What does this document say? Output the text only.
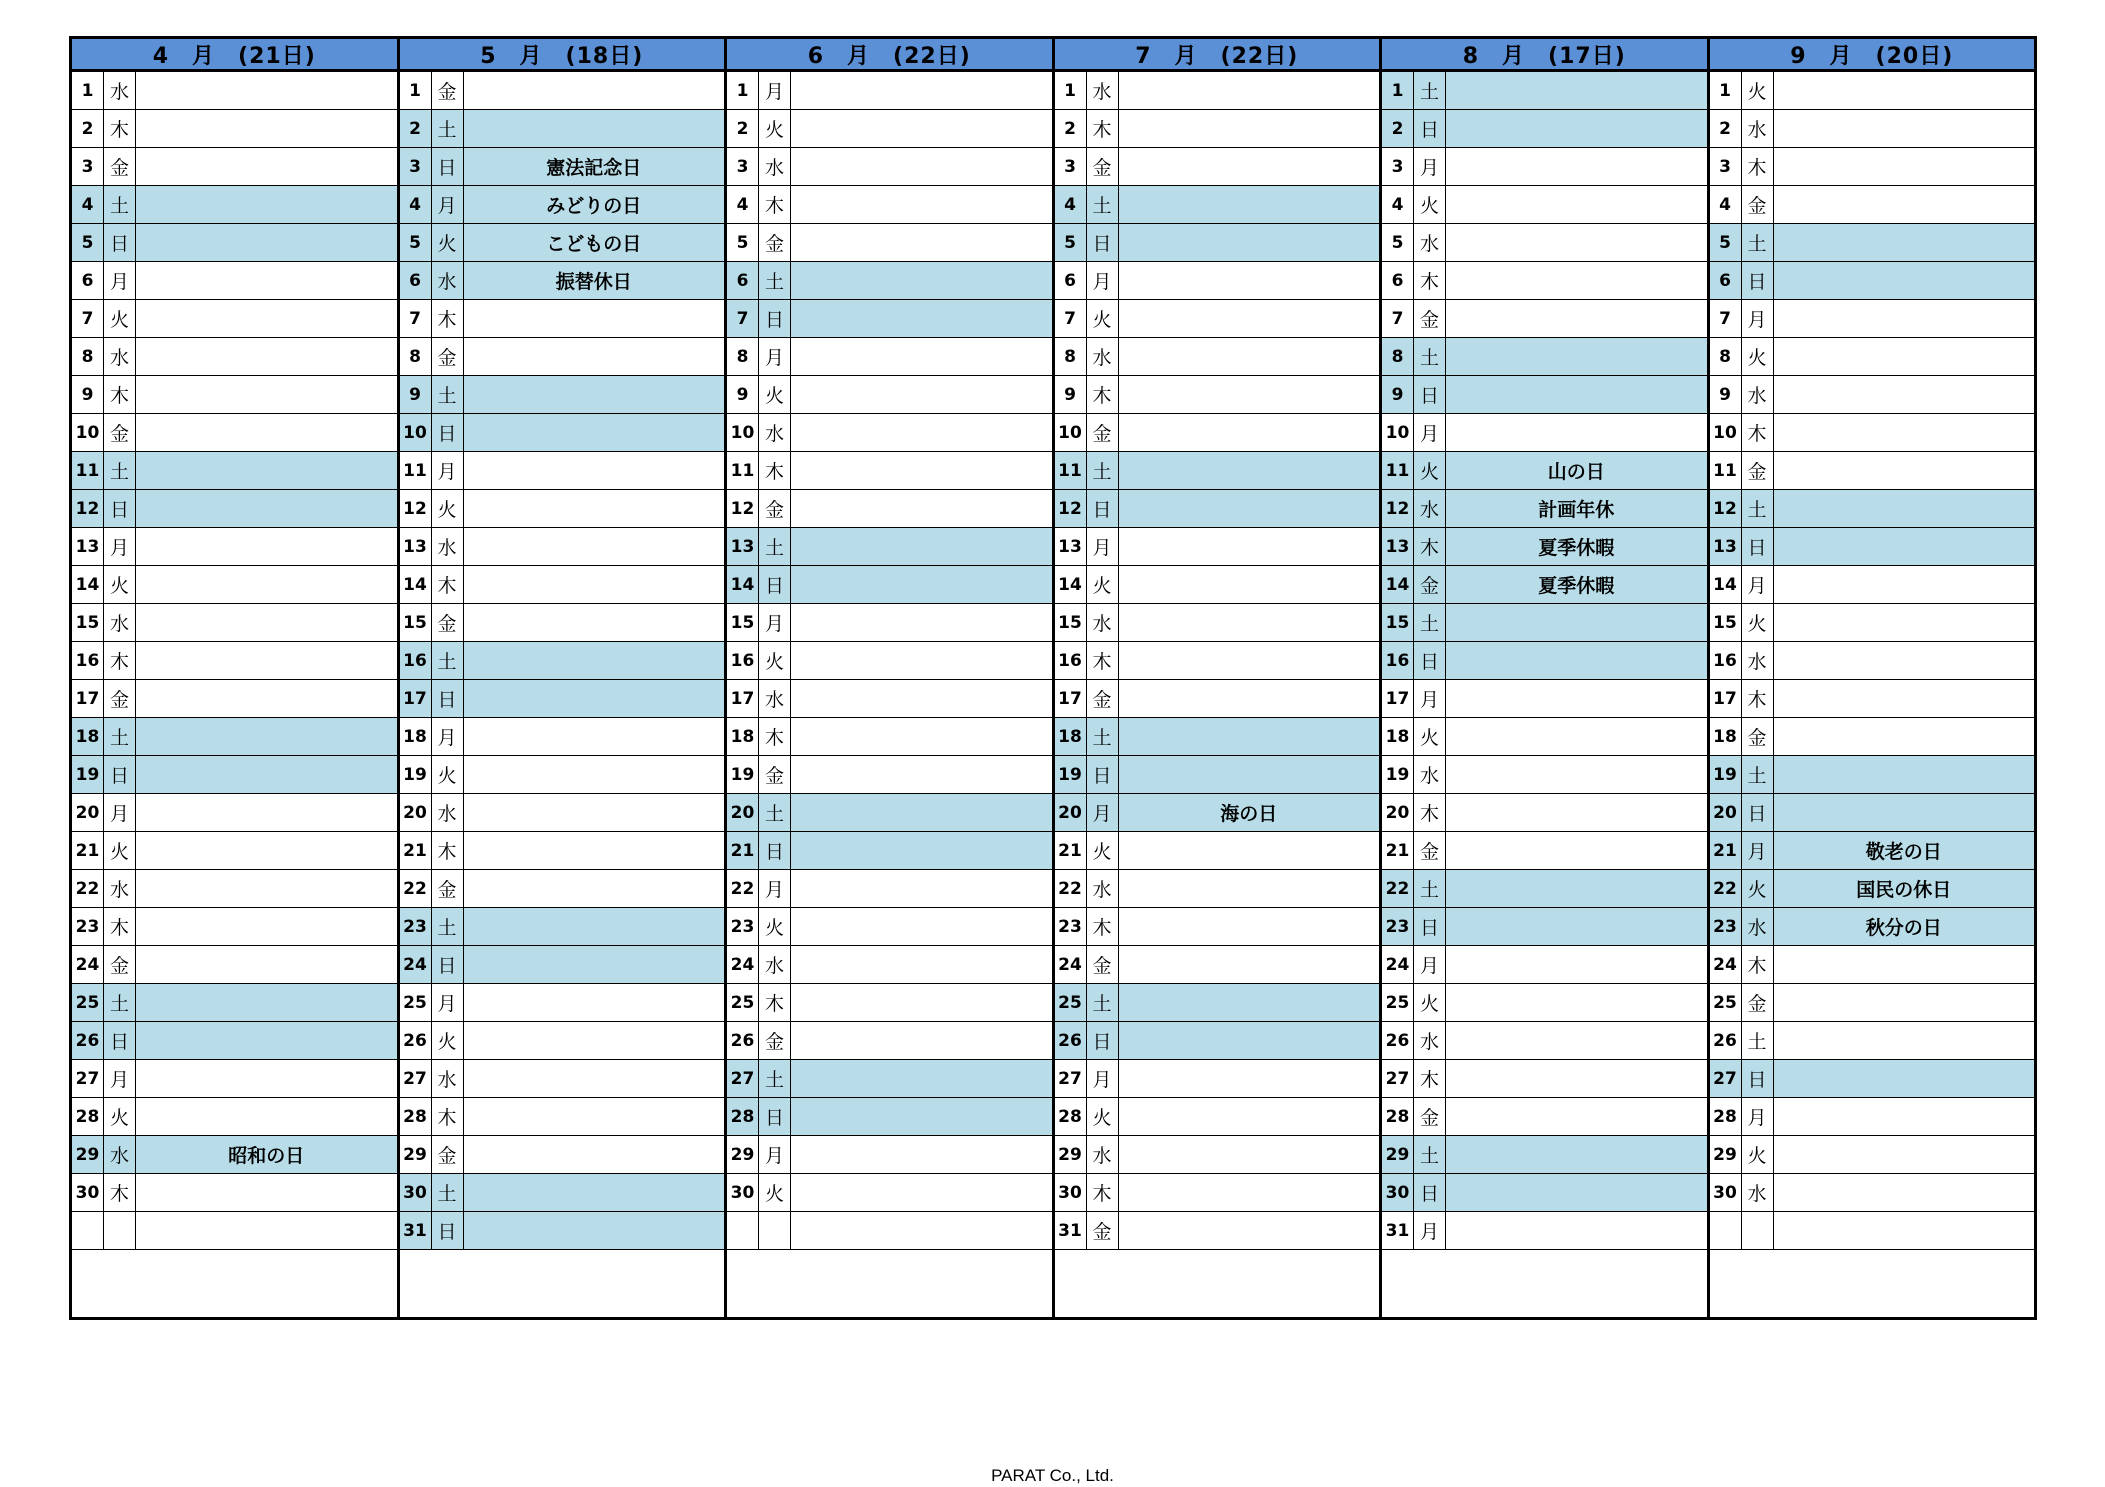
4　月　(21日)
1 水
2 木
3 金
4 土
5 日
6 月
7 火
8 水
9 木
10 金
11 土
12 日
13 月
14 火
15 水
16 木
17 金
18 土
19 日
20 月
21 火
22 水
23 木
24 金
25 土
26 日
27 月
28 火
29 水	昭和の日
30 木
5　月　(18日)
1 金
2 土
3 日	憲法記念日
4 月	みどりの日
5 火	こどもの日
6 水	振替休日
7 木
8 金
9 土
10 日
11 月
12 火
13 水
14 木
15 金
16 土
17 日
18 月
19 火
20 水
21 木
22 金
23 土
24 日
25 月
26 火
27 水
28 木
29 金
30 土
31 日
6　月　(22日)
1 月
2 火
3 水
4 木
5 金
6 土
7 日
8 月
9 火
10 水
11 木
12 金
13 土
14 日
15 月
16 火
17 水
18 木
19 金
20 土
21 日
22 月
23 火
24 水
25 木
26 金
27 土
28 日
29 月
30 火
7　月　(22日)
1 水
2 木
3 金
4 土
5 日
6 月
7 火
8 水
9 木
10 金
11 土
12 日
13 月
14 火
15 水
16 木
17 金
18 土
19 日
20 月	海の日
21 火
22 水
23 木
24 金
25 土
26 日
27 月
28 火
29 水
30 木
31 金
8　月　(17日)
1 土
2 日
3 月
4 火
5 水
6 木
7 金
8 土
9 日
10 月
11 火	山の日
12 水	計画年休
13 木	夏季休暇
14 金	夏季休暇
15 土
16 日
17 月
18 火
19 水
20 木
21 金
22 土
23 日
24 月
25 火
26 水
27 木
28 金
29 土
30 日
31 月
9　月　(20日)
1 火
2 水
3 木
4 金
5 土
6 日
7 月
8 火
9 水
10 木
11 金
12 土
13 日
14 月
15 火
16 水
17 木
18 金
19 土
20 日
21 月	敬老の日
22 火	国民の休日
23 水	秋分の日
24 木
25 金
26 土
27 日
28 月
29 火
30 水
PARAT Co., Ltd.
